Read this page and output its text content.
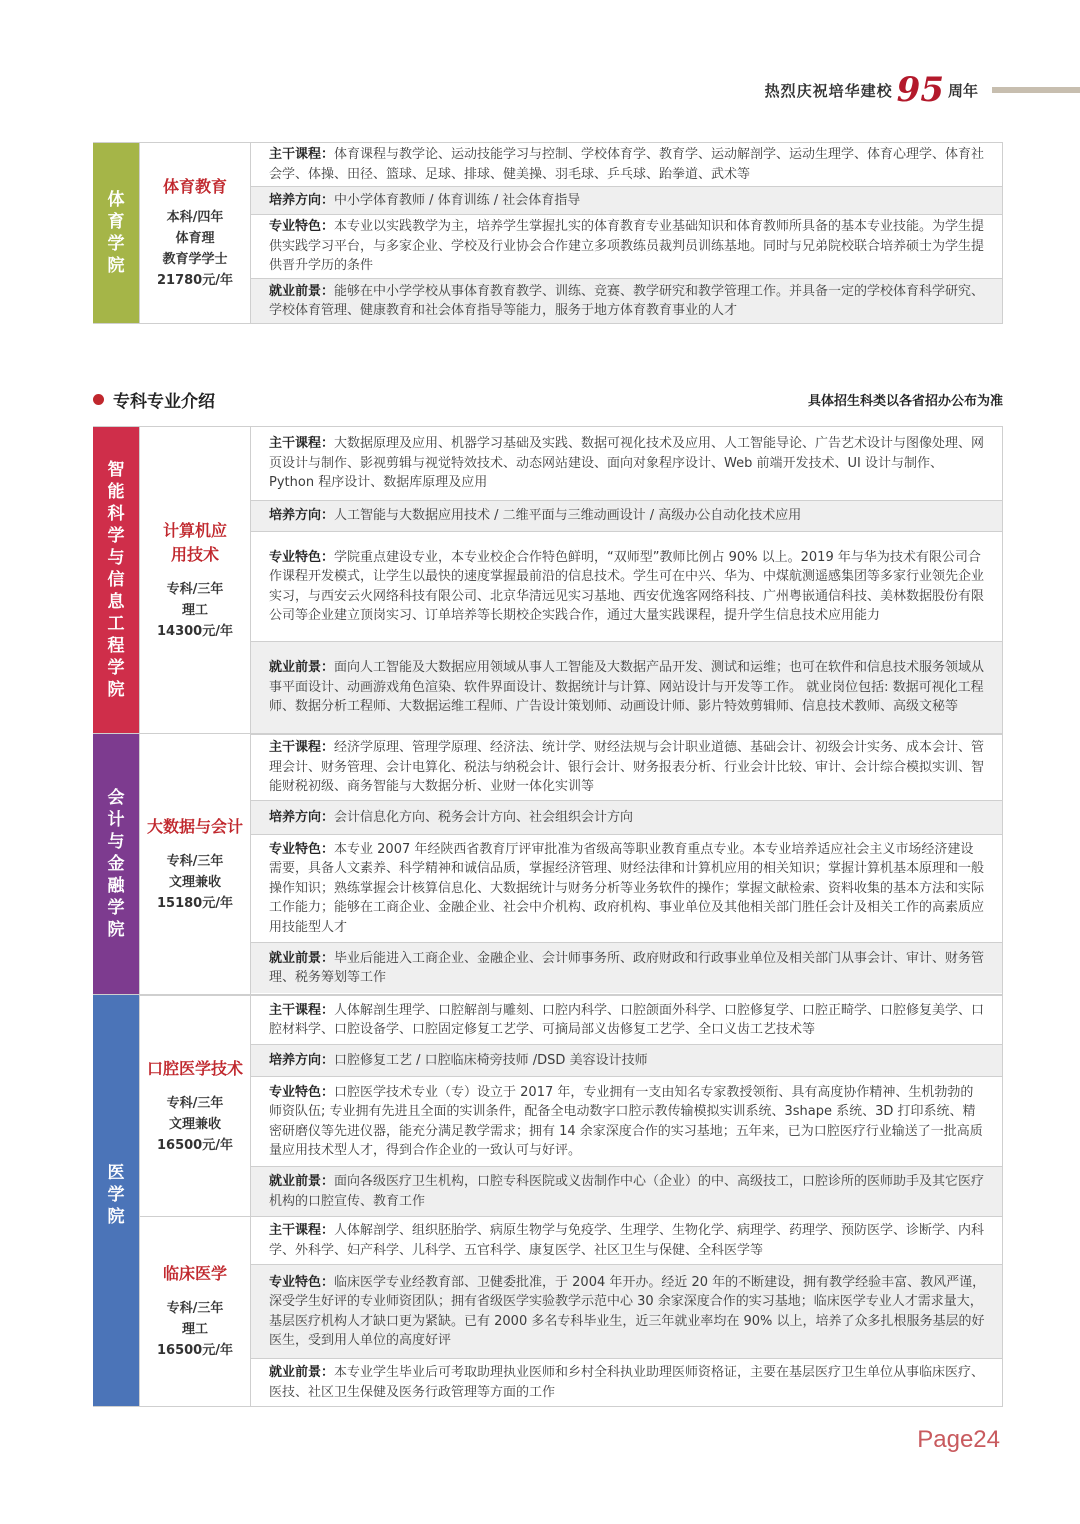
热烈庆祝培华建校 95 周年
体育学院
体育教育
本科/四年
体育理
教育学学士
21780元/年
主干课程：体育课程与教学论、运动技能学习与控制、学校体育学、教育学、运动解剖学、运动生理学、体育心理学、体育社会学、体操、田径、篮球、足球、排球、健美操、羽毛球、乒乓球、跆拳道、武术等
培养方向：中小学体育教师 / 体育训练 / 社会体育指导
专业特色：本专业以实践教学为主，培养学生掌握扎实的体育教育专业基础知识和体育教师所具备的基本专业技能。为学生提供实践学习平台，与多家企业、学校及行业协会合作建立多项教练员裁判员训练基地。同时与兄弟院校联合培养硕士为学生提供晋升学历的条件
就业前景：能够在中小学学校从事体育教育教学、训练、竞赛、教学研究和教学管理工作。并具备一定的学校体育科学研究、学校体育管理、健康教育和社会体育指导等能力，服务于地方体育教育事业的人才
专科专业介绍	具体招生科类以各省招办公布为准
智能科学与信息工程学院
计算机应用技术
专科/三年
理工
14300元/年
主干课程：大数据原理及应用、机器学习基础及实践、数据可视化技术及应用、人工智能导论、广告艺术设计与图像处理、网页设计与制作、影视剪辑与视觉特效技术、动态网站建设、面向对象程序设计、Web 前端开发技术、UI 设计与制作、Python 程序设计、数据库原理及应用
培养方向：人工智能与大数据应用技术 / 二维平面与三维动画设计 / 高级办公自动化技术应用
专业特色：学院重点建设专业，本专业校企合作特色鲜明，“双师型”教师比例占 90% 以上。2019 年与华为技术有限公司合作课程开发模式，让学生以最快的速度掌握最前沿的信息技术。学生可在中兴、华为、中煤航测遥感集团等多家行业领先企业实习，与西安云火网络科技有限公司、北京华清远见实习基地、西安优逸客网络科技、广州粤嵌通信科技、美林数据股份有限公司等企业建立顶岗实习、订单培养等长期校企实践合作，通过大量实践课程，提升学生信息技术应用能力
就业前景：面向人工智能及大数据应用领域从事人工智能及大数据产品开发、测试和运维；也可在软件和信息技术服务领域从事平面设计、动画游戏角色渲染、软件界面设计、数据统计与计算、网站设计与开发等工作。 就业岗位包括: 数据可视化工程师、数据分析工程师、大数据运维工程师、广告设计策划师、动画设计师、影片特效剪辑师、信息技术教师、高级文秘等
会计与金融学院
大数据与会计
专科/三年
文理兼收
15180元/年
主干课程：经济学原理、管理学原理、经济法、统计学、财经法规与会计职业道德、基础会计、初级会计实务、成本会计、管理会计、财务管理、会计电算化、税法与纳税会计、银行会计、财务报表分析、行业会计比较、审计、会计综合模拟实训、智能财税初级、商务智能与大数据分析、业财一体化实训等
培养方向：会计信息化方向、税务会计方向、社会组织会计方向
专业特色：本专业 2007 年经陕西省教育厅评审批准为省级高等职业教育重点专业。本专业培养适应社会主义市场经济建设需要，具备人文素养、科学精神和诚信品质，掌握经济管理、财经法律和计算机应用的相关知识；掌握计算机基本原理和一般操作知识；熟练掌握会计核算信息化、大数据统计与财务分析等业务软件的操作；掌握文献检索、资料收集的基本方法和实际工作能力；能够在工商企业、金融企业、社会中介机构、政府机构、事业单位及其他相关部门胜任会计及相关工作的高素质应用技能型人才
就业前景：毕业后能进入工商企业、金融企业、会计师事务所、政府财政和行政事业单位及相关部门从事会计、审计、财务管理、税务筹划等工作
医学院
口腔医学技术
专科/三年
文理兼收
16500元/年
临床医学
专科/三年
理工
16500元/年
主干课程：人体解剖生理学、口腔解剖与雕刻、口腔内科学、口腔颌面外科学、口腔修复学、口腔正畸学、口腔修复美学、口腔材料学、口腔设备学、口腔固定修复工艺学、可摘局部义齿修复工艺学、全口义齿工艺技术等
培养方向：口腔修复工艺 / 口腔临床椅旁技师 /DSD 美容设计技师
专业特色：口腔医学技术专业（专）设立于 2017 年，专业拥有一支由知名专家教授领衔、具有高度协作精神、生机勃勃的师资队伍; 专业拥有先进且全面的实训条件，配备全电动数字口腔示教传输模拟实训系统、3shape 系统、3D 打印系统、精密研磨仪等先进仪器，能充分满足教学需求；拥有 14 余家深度合作的实习基地；五年来，已为口腔医疗行业输送了一批高质量应用技术型人才，得到合作企业的一致认可与好评。
就业前景：面向各级医疗卫生机构，口腔专科医院或义齿制作中心（企业）的中、高级技工，口腔诊所的医师助手及其它医疗机构的口腔宣传、教育工作
主干课程：人体解剖学、组织胚胎学、病原生物学与免疫学、生理学、生物化学、病理学、药理学、预防医学、诊断学、内科学、外科学、妇产科学、儿科学、五官科学、康复医学、社区卫生与保健、全科医学等
专业特色：临床医学专业经教育部、卫健委批准，于 2004 年开办。经近 20 年的不断建设，拥有教学经验丰富、教风严谨，深受学生好评的专业师资团队；拥有省级医学实验教学示范中心 30 余家深度合作的实习基地；临床医学专业人才需求量大，基层医疗机构人才缺口更为紧缺。已有 2000 多名专科毕业生，近三年就业率均在 90% 以上，培养了众多扎根服务基层的好医生，受到用人单位的高度好评
就业前景：本专业学生毕业后可考取助理执业医师和乡村全科执业助理医师资格证，主要在基层医疗卫生单位从事临床医疗、医技、社区卫生保健及医务行政管理等方面的工作
Page24
